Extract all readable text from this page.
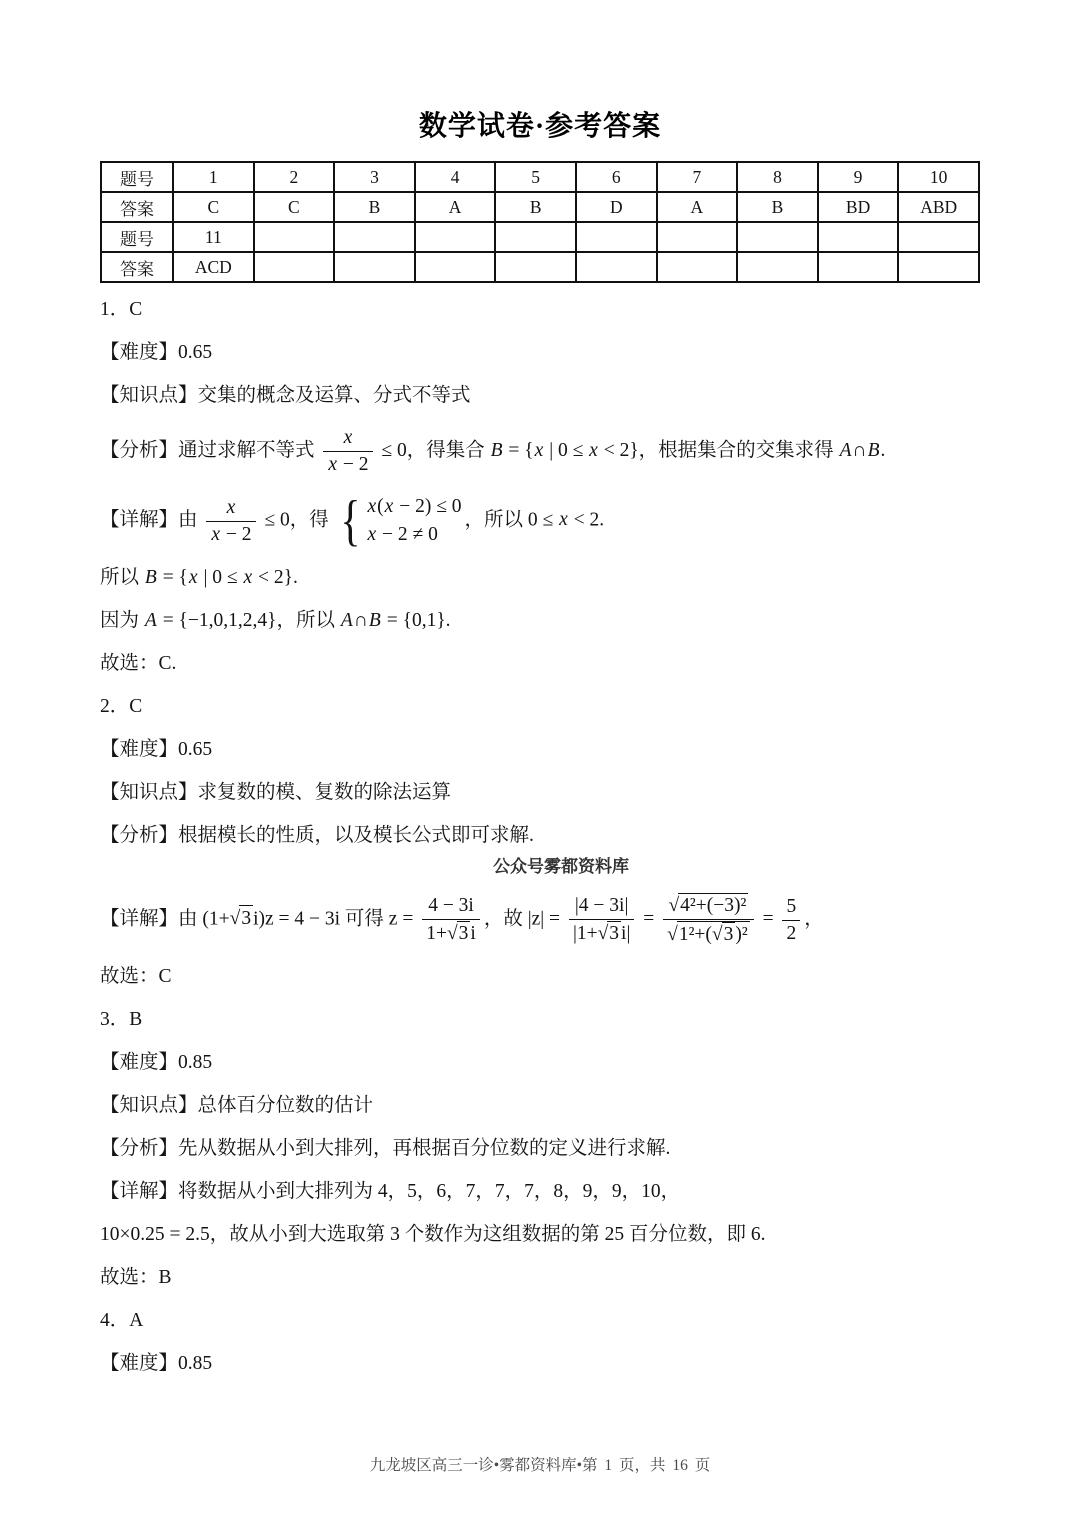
数学试卷·参考答案
题号	1	2	3	4	5	6	7	8	9	10
答案	C	C	B	A	B	D	A	B	BD	ABD
题号	11									
答案	ACD									

1．C

【难度】0.65

【知识点】交集的概念及运算、分式不等式

【分析】通过求解不等式 $\frac{x}{x - 2} \le 0$，得集合 B = {x | 0 ≤ x < 2}，根据集合的交集求得 A∩B.

【详解】由 $\frac{x}{x - 2} \le 0$，得 { x(x − 2) ≤ 0
x − 2 ≠ 0
，所以 0 ≤ x < 2.

所以 B = {x | 0 ≤ x < 2}.

因为 A = {−1,0,1,2,4}，所以 A∩B = {0,1}.

故选：C.

2．C

【难度】0.65

【知识点】求复数的模、复数的除法运算

【分析】根据模长的性质，以及模长公式即可求解.

公众号雾都资料库

【详解】由 (1+√3 i)z = 4 − 3i 可得 $z = \frac{4 - 3i}{1+√3 i}$ ，故 $|z| = \frac{|4 - 3i|}{|1+√3 i|} = \frac{\text{√4²+(−3)²}}{\text{√1²+(√3 )²}} = \frac{5}{2}$ ，

故选：C

3．B

【难度】0.85

【知识点】总体百分位数的估计

【分析】先从数据从小到大排列，再根据百分位数的定义进行求解.

【详解】将数据从小到大排列为 4，5，6，7，7，7，8，9，9，10，

10×0.25 = 2.5，故从小到大选取第 3 个数作为这组数据的第 25 百分位数，即 6.

故选：B

4．A

【难度】0.85

九龙坡区高三一诊•雾都资料库•第 1 页，共 16 页
